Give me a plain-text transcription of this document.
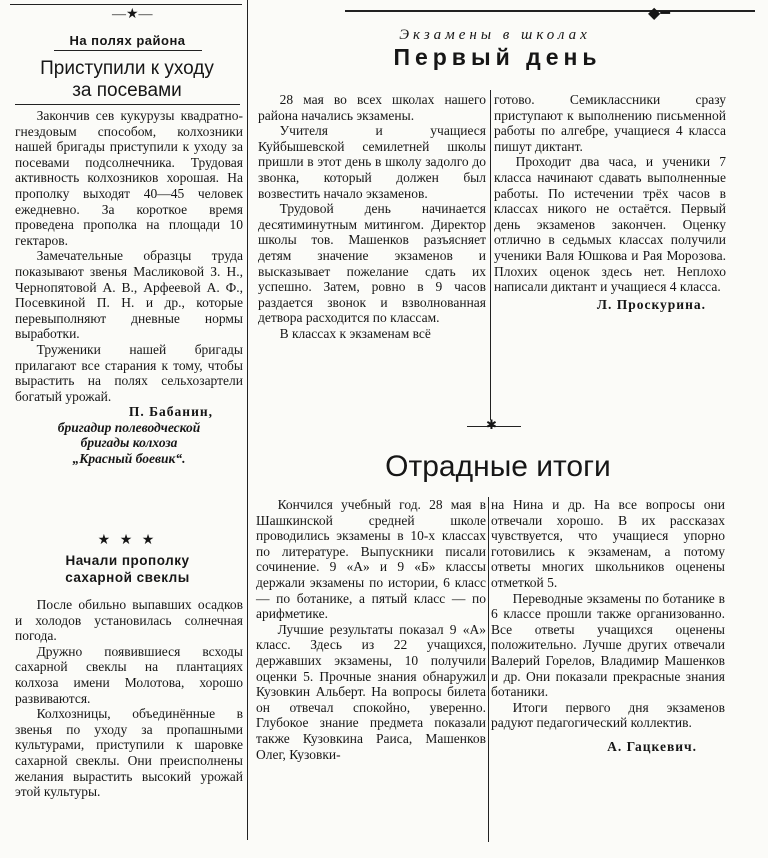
—★—
На полях района
Приступили к уходу
за посевами

Закончив сев кукурузы квадратно-гнездовым способом, колхозники нашей бригады приступили к уходу за посевами подсолнечника. Трудовая активность колхозников хорошая. На прополку выходят 40—45 человек ежедневно. За короткое время проведена прополка на площади 10 гектаров.

Замечательные образцы труда показывают звенья Масликовой З. Н., Чернопятовой А. В., Арфеевой А. Ф., Посевкиной П. Н. и др., которые перевыполняют дневные нормы выработки.

Труженики нашей бригады прилагают все старания к тому, чтобы вырастить на полях сельхозартели богатый урожай.

П. Бабанин,
бригадир полеводческой
бригады колхоза
„Красный боевик“.
★ ★ ★
Начали прополку
сахарной свеклы

После обильно выпавших осадков и холодов установилась солнечная погода.

Дружно появившиеся всходы сахарной свеклы на плантациях колхоза имени Молотова, хорошо развиваются.

Колхозницы, объединённые в звенья по уходу за пропашными культурами, приступили к шаровке сахарной свеклы. Они преисполнены желания вырастить высокий урожай этой культуры.

◆━
Экзамены в школах
Первый день

28 мая во всех школах нашего района начались экзамены.

Учителя и учащиеся Куйбышевской семилетней школы пришли в этот день в школу задолго до звонка, который должен был возвестить начало экзаменов.

Трудовой день начинается десятиминутным митингом. Директор школы тов. Машенков разъясняет детям значение экзаменов и высказывает пожелание сдать их успешно. Затем, ровно в 9 часов раздается звонок и взволнованная детвора расходится по классам.

В классах к экзаменам всё

готово. Семиклассники сразу приступают к выполнению письменной работы по алгебре, учащиеся 4 класса пишут диктант.

Проходит два часа, и ученики 7 класса начинают сдавать выполненные работы. По истечении трёх часов в классах никого не остаётся. Первый день экзаменов закончен. Оценку отлично в седьмых классах получили ученики Валя Юшкова и Рая Морозова. Плохих оценок здесь нет. Неплохо написали диктант и учащиеся 4 класса.

Л. Проскурина.
✱
Отрадные итоги

Кончился учебный год. 28 мая в Шашкинской средней школе проводились экзамены в 10-х классах по литературе. Выпускники писали сочинение. 9 «А» и 9 «Б» классы держали экзамены по истории, 6 класс — по ботанике, а пятый класс — по арифметике.

Лучшие результаты показал 9 «А» класс. Здесь из 22 учащихся, державших экзамены, 10 получили оценки 5. Прочные знания обнаружил Кузовкин Альберт. На вопросы билета он отвечал спокойно, уверенно. Глубокое знание предмета показали также Кузовкина Раиса, Машенков Олег, Кузовки-

на Нина и др. На все вопросы они отвечали хорошо. В их рассказах чувствуется, что учащиеся упорно готовились к экзаменам, а потому ответы многих школьников оценены отметкой 5.

Переводные экзамены по ботанике в 6 классе прошли также организованно. Все ответы учащихся оценены положительно. Лучше других отвечали Валерий Горелов, Владимир Машенков и др. Они показали прекрасные знания ботаники.

Итоги первого дня экзаменов радуют педагогический коллектив.

А. Гацкевич.
